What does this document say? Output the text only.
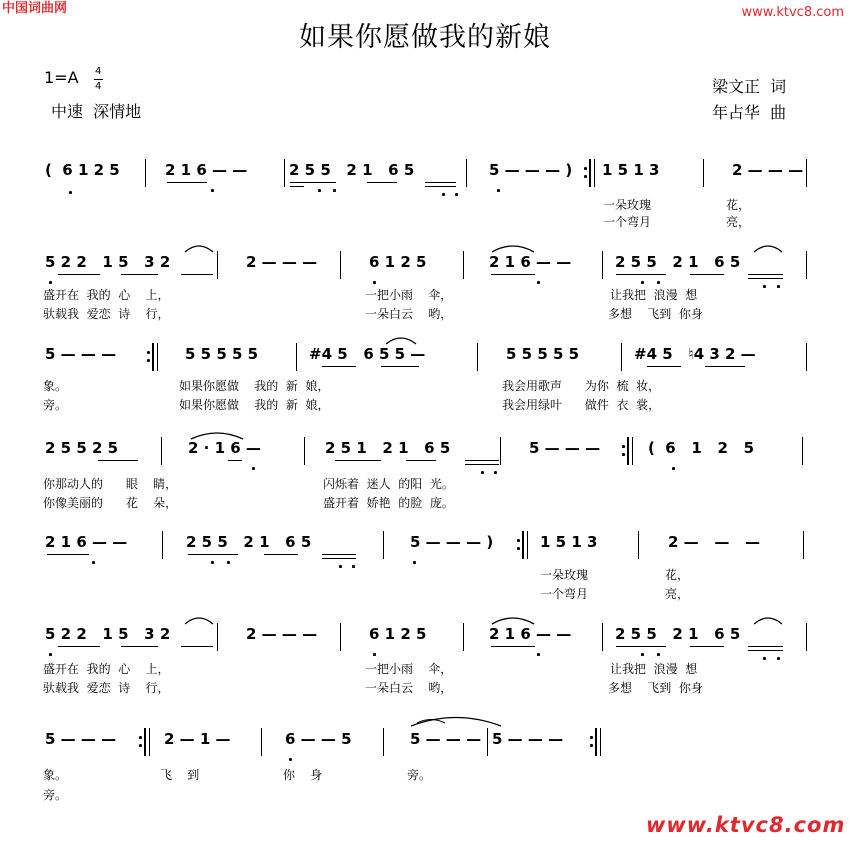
中国词曲网	www.ktvc8.com
如果你愿做我的新娘
1=A 4
4
中速  深情地
梁文正  词
年占华  曲
(  6 1 2 5	2 1 6 — —	2 5 5   2 1   6 5	5 — — — ) 1 5 1 3	2 — — —
5 2 2   1 5   3 2	2 — — —	6 1 2 5	2 1 6 — —	2 5 5   2 1   6 5
5 — — —	5 5 5 5 5	#4 5   6 5 5 —	5 5 5 5 5	#4 5   ♮4 3 2 —
2 5 5 2 5	2 · 1 6 —	2 5 1   2 1   6 5	5 — — —	(  6   1   2   5
2 1 6 — —	2 5 5   2 1   6 5	5 — — — )	1 5 1 3	2 —   —   —
5 2 2   1 5   3 2	2 — — —	6 1 2 5	2 1 6 — —	2 5 5   2 1   6 5
5 — — —	2 — 1 —	6 — — 5	5 — — — 5 — — —
一朵玫瑰	花，
一个弯月	亮，
盛开在  我的  心    上，	一把小雨    伞，	让我把  浪漫  想
驮载我  爱恋  诗    行，	一朵白云    哟，	多想    飞到  你身
象。	如果你愿做    我的  新  娘，	我会用歌声      为你  梳  妆，
旁。	如果你愿做    我的  新  娘，	我会用绿叶      做件  衣  裳，
你那动人的      眼    睛，	闪烁着  迷人  的阳  光。
你像美丽的      花    朵，	盛开着  娇艳  的脸  庞。
一朵玫瑰	花，
一个弯月	亮，
盛开在  我的  心    上，	一把小雨    伞，	让我把  浪漫  想
驮载我  爱恋  诗    行，	一朵白云    哟，	多想    飞到  你身
象。	飞    到	你    身	旁。
旁。
www.ktvc8.com
